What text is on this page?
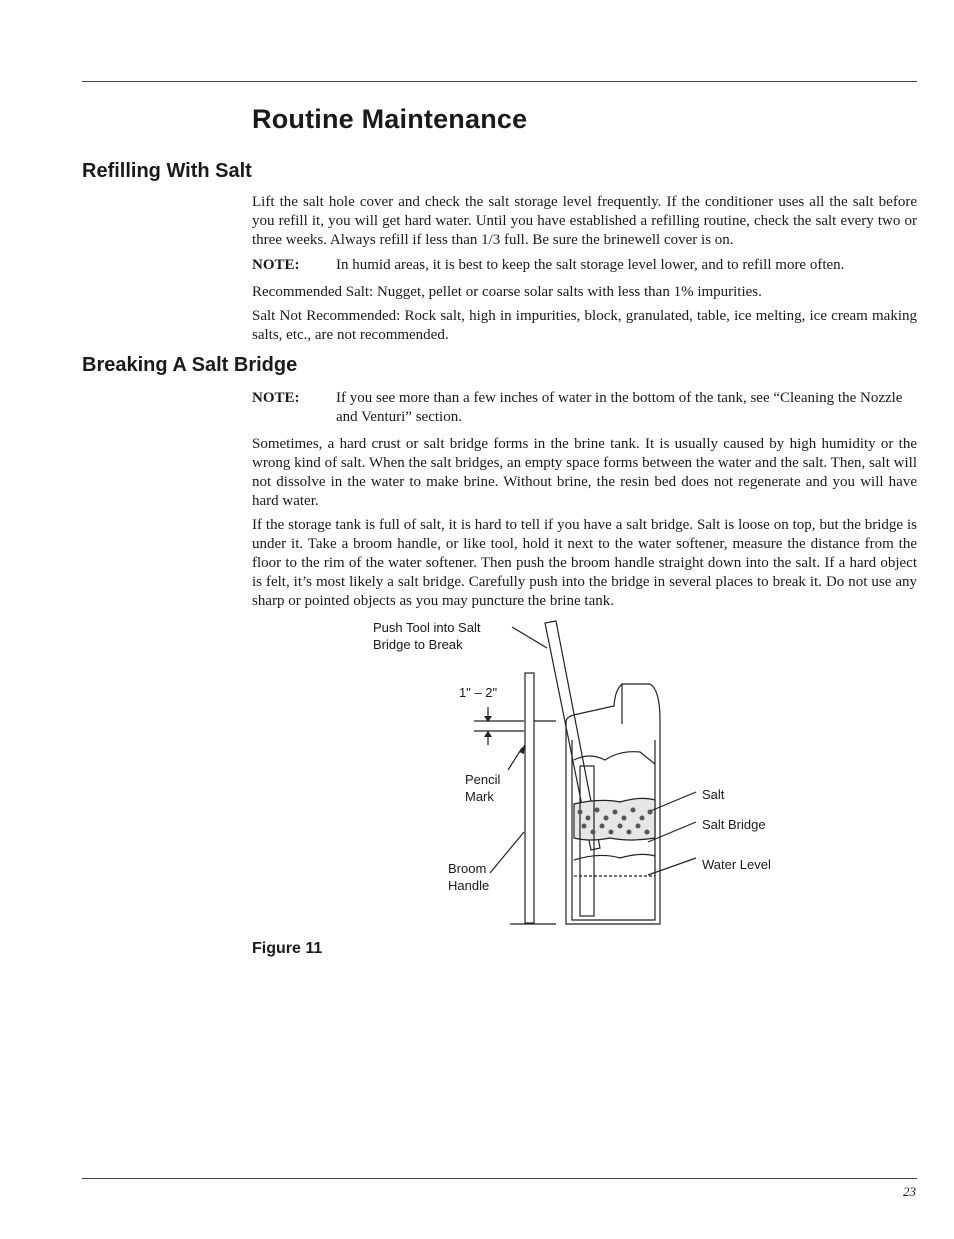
Routine Maintenance
Refilling With Salt

Lift the salt hole cover and check the salt storage level frequently. If the conditioner uses all the salt before you refill it, you will get hard water. Until you have established a refilling routine, check the salt every two or three weeks. Always refill if less than 1/3 full. Be sure the brinewell cover is on.

NOTE: In humid areas, it is best to keep the salt storage level lower, and to refill more often.

Recommended Salt: Nugget, pellet or coarse solar salts with less than 1% impurities.

Salt Not Recommended: Rock salt, high in impurities, block, granulated, table, ice melting, ice cream making salts, etc., are not recommended.

Breaking A Salt Bridge
NOTE: If you see more than a few inches of water in the bottom of the tank, see “Cleaning the Nozzle and Venturi” section.

Sometimes, a hard crust or salt bridge forms in the brine tank. It is usually caused by high humidity or the wrong kind of salt. When the salt bridges, an empty space forms between the water and the salt. Then, salt will not dissolve in the water to make brine. Without brine, the resin bed does not regenerate and you will have hard water.

If the storage tank is full of salt, it is hard to tell if you have a salt bridge. Salt is loose on top, but the bridge is under it. Take a broom handle, or like tool, hold it next to the water softener, measure the distance from the floor to the rim of the water softener. Then push the broom handle straight down into the salt. If a hard object is felt, it’s most likely a salt bridge. Carefully push into the bridge in several places to break it. Do not use any sharp or pointed objects as you may puncture the brine tank.

Push Tool into Salt
Bridge to Break
1" – 2"
Pencil
Mark
Broom
Handle
Salt
Salt Bridge
Water Level
Figure 11
23
